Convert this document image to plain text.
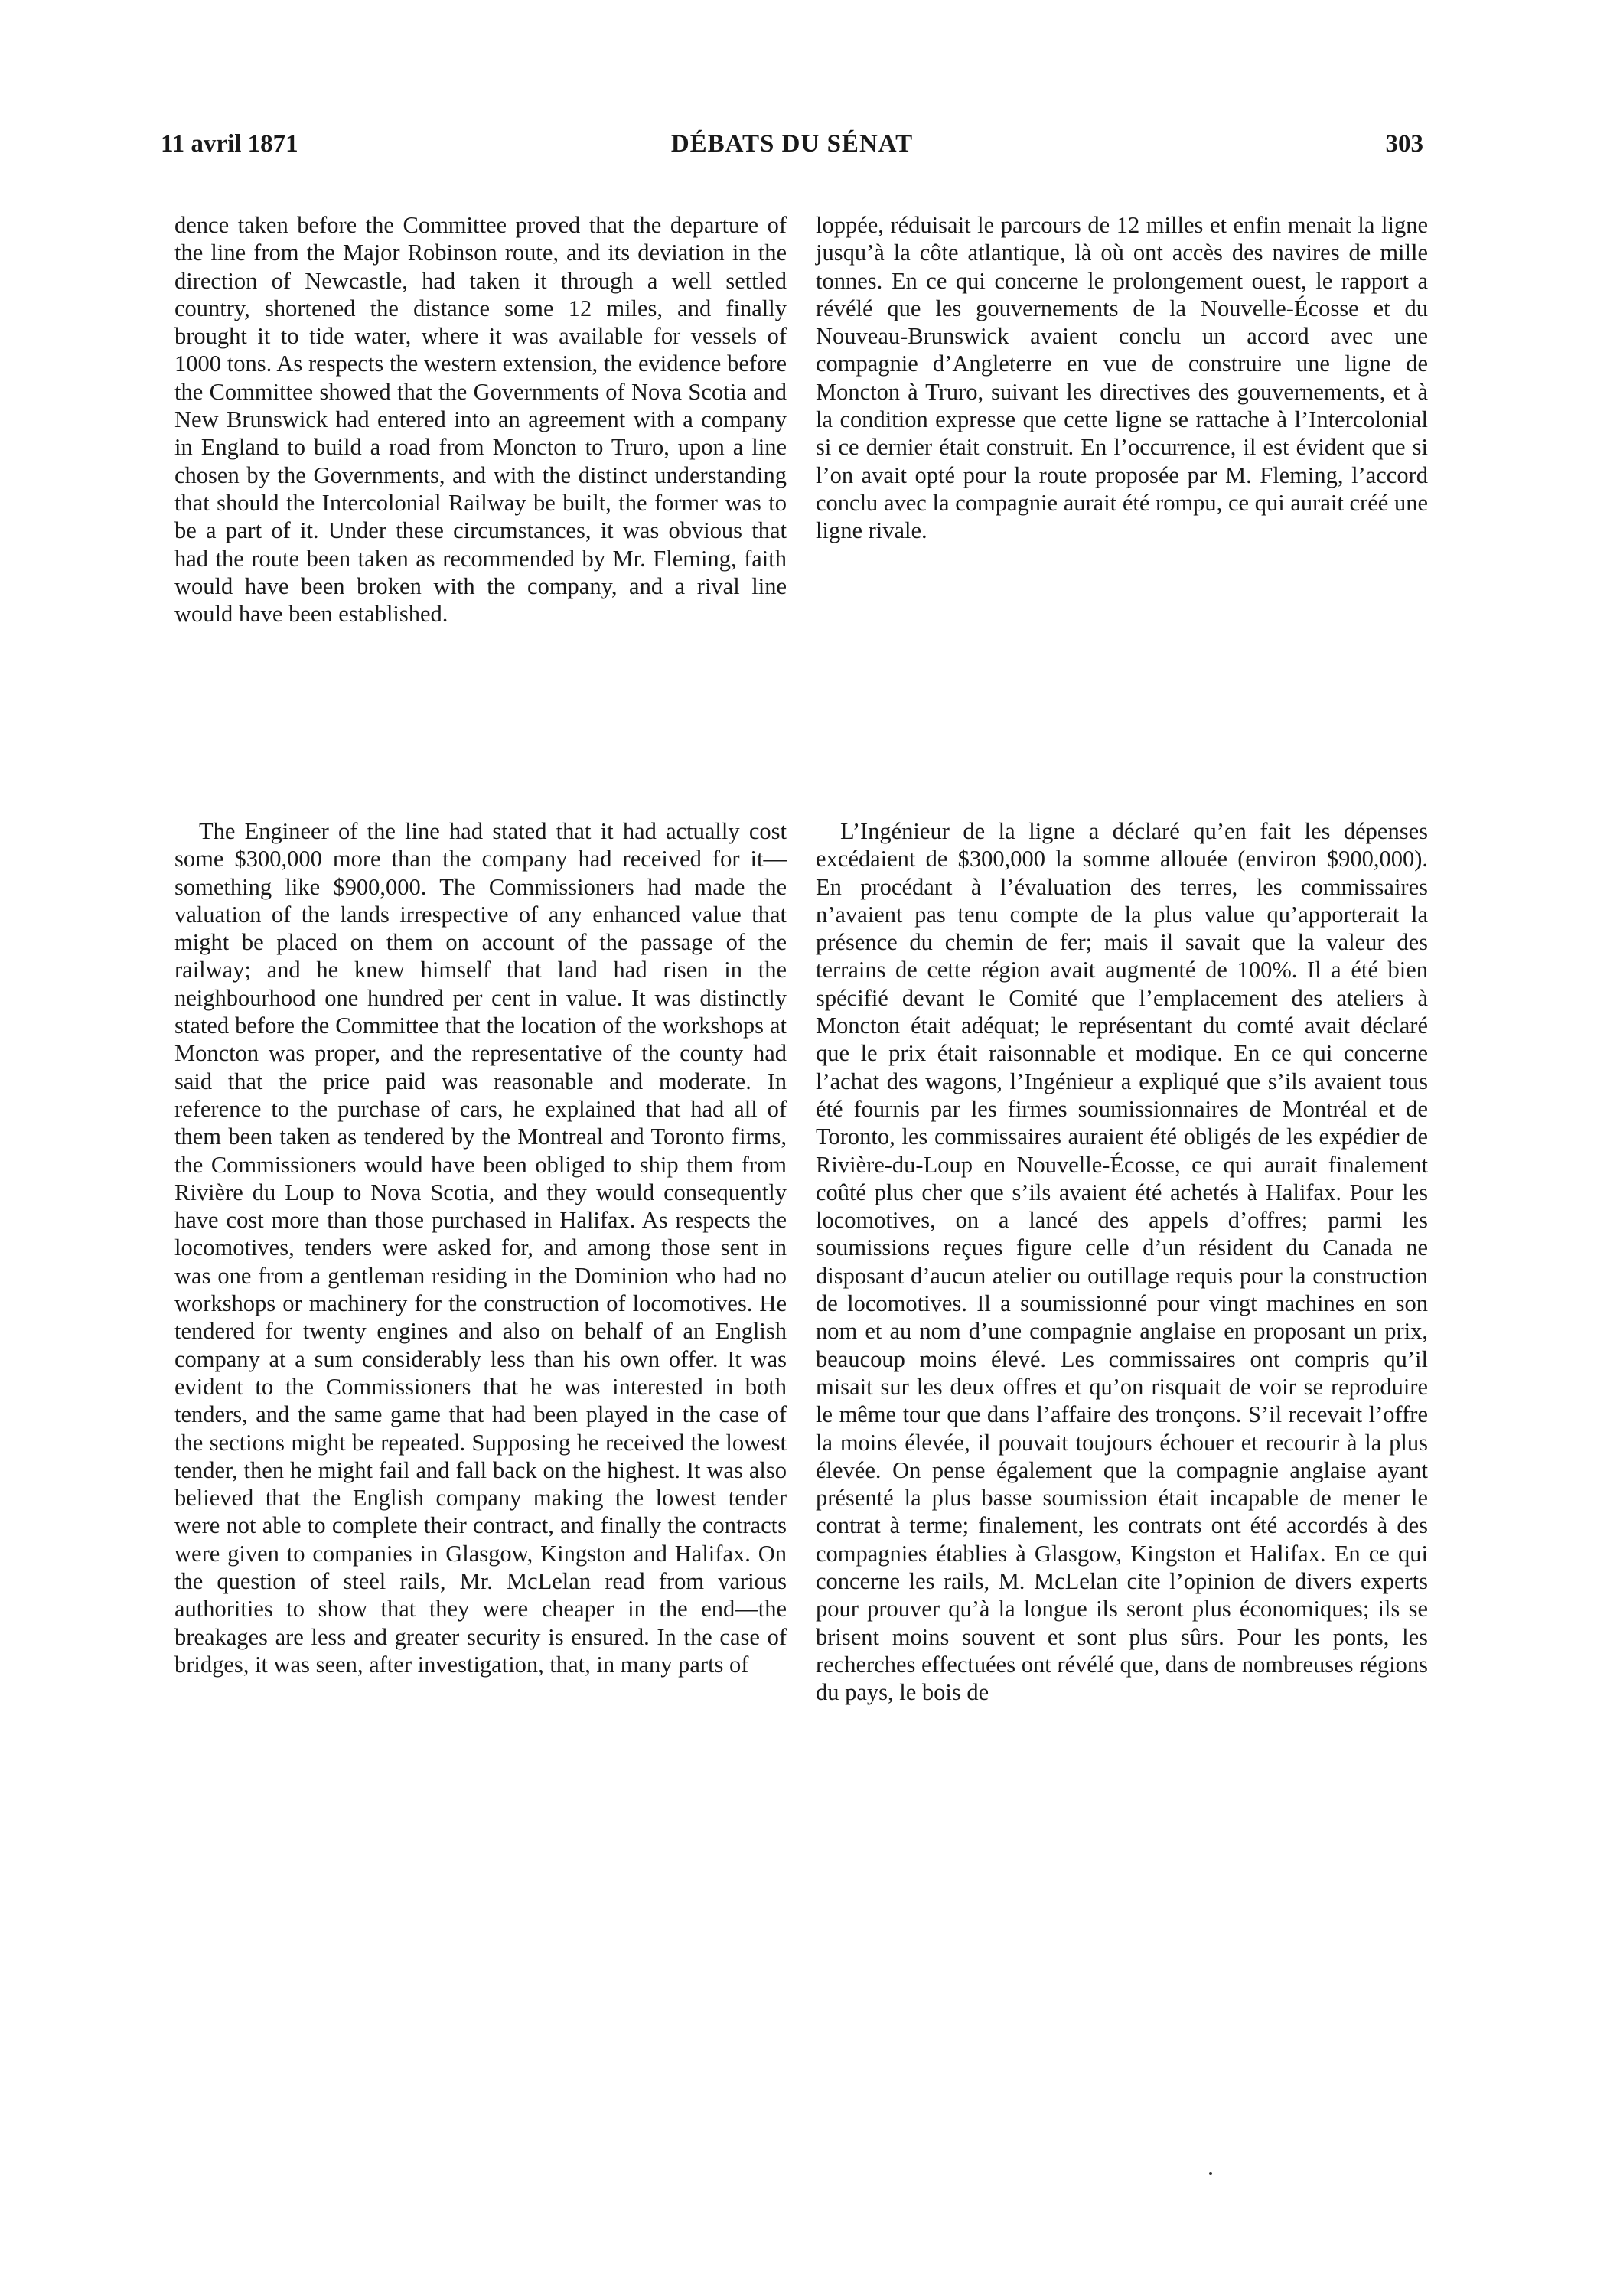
11 avril 1871	DÉBATS DU SÉNAT	303

dence taken before the Committee proved that the departure of the line from the Major Robinson route, and its deviation in the direction of Newcastle, had taken it through a well settled country, shortened the distance some 12 miles, and finally brought it to tide water, where it was available for vessels of 1000 tons. As respects the western extension, the evidence before the Committee showed that the Governments of Nova Scotia and New Brunswick had entered into an agreement with a company in England to build a road from Moncton to Truro, upon a line chosen by the Governments, and with the distinct understanding that should the Intercolonial Railway be built, the former was to be a part of it. Under these circumstances, it was obvious that had the route been taken as recommended by Mr. Fleming, faith would have been broken with the company, and a rival line would have been established.

loppée, réduisait le parcours de 12 milles et enfin menait la ligne jusqu’à la côte atlantique, là où ont accès des navires de mille tonnes. En ce qui concerne le prolongement ouest, le rapport a révélé que les gouvernements de la Nouvelle-Écosse et du Nouveau-Brunswick avaient conclu un accord avec une compagnie d’Angleterre en vue de construire une ligne de Moncton à Truro, suivant les directives des gouvernements, et à la condition expresse que cette ligne se rattache à l’Intercolonial si ce dernier était construit. En l’occurrence, il est évident que si l’on avait opté pour la route proposée par M. Fleming, l’accord conclu avec la compagnie aurait été rompu, ce qui aurait créé une ligne rivale.

The Engineer of the line had stated that it had actually cost some $300,000 more than the company had received for it—something like $900,000. The Commissioners had made the valuation of the lands irrespective of any enhanced value that might be placed on them on account of the passage of the railway; and he knew himself that land had risen in the neighbourhood one hundred per cent in value. It was distinctly stated before the Committee that the location of the workshops at Moncton was proper, and the representative of the county had said that the price paid was reasonable and moderate. In reference to the purchase of cars, he explained that had all of them been taken as tendered by the Montreal and Toronto firms, the Commissioners would have been obliged to ship them from Rivière du Loup to Nova Scotia, and they would consequently have cost more than those purchased in Halifax. As respects the locomotives, tenders were asked for, and among those sent in was one from a gentleman residing in the Dominion who had no workshops or machinery for the construction of locomotives. He tendered for twenty engines and also on behalf of an English company at a sum considerably less than his own offer. It was evident to the Commissioners that he was interested in both tenders, and the same game that had been played in the case of the sections might be repeated. Supposing he received the lowest tender, then he might fail and fall back on the highest. It was also believed that the English company making the lowest tender were not able to complete their contract, and finally the contracts were given to companies in Glasgow, Kingston and Halifax. On the question of steel rails, Mr. McLelan read from various authorities to show that they were cheaper in the end—the breakages are less and greater security is ensured. In the case of bridges, it was seen, after investigation, that, in many parts of

L’Ingénieur de la ligne a déclaré qu’en fait les dépenses excédaient de $300,000 la somme allouée (environ $900,000). En procédant à l’évaluation des terres, les commissaires n’avaient pas tenu compte de la plus value qu’apporterait la présence du chemin de fer; mais il savait que la valeur des terrains de cette région avait augmenté de 100%. Il a été bien spécifié devant le Comité que l’emplacement des ateliers à Moncton était adéquat; le représentant du comté avait déclaré que le prix était raisonnable et modique. En ce qui concerne l’achat des wagons, l’Ingénieur a expliqué que s’ils avaient tous été fournis par les firmes soumissionnaires de Montréal et de Toronto, les commissaires auraient été obligés de les expédier de Rivière-du-Loup en Nouvelle-Écosse, ce qui aurait finalement coûté plus cher que s’ils avaient été achetés à Halifax. Pour les locomotives, on a lancé des appels d’offres; parmi les soumissions reçues figure celle d’un résident du Canada ne disposant d’aucun atelier ou outillage requis pour la construction de locomotives. Il a soumissionné pour vingt machines en son nom et au nom d’une compagnie anglaise en proposant un prix, beaucoup moins élevé. Les commissaires ont compris qu’il misait sur les deux offres et qu’on risquait de voir se reproduire le même tour que dans l’affaire des tronçons. S’il recevait l’offre la moins élevée, il pouvait toujours échouer et recourir à la plus élevée. On pense également que la compagnie anglaise ayant présenté la plus basse soumission était incapable de mener le contrat à terme; finalement, les contrats ont été accordés à des compagnies établies à Glasgow, Kingston et Halifax. En ce qui concerne les rails, M. McLelan cite l’opinion de divers experts pour prouver qu’à la longue ils seront plus économiques; ils se brisent moins souvent et sont plus sûrs. Pour les ponts, les recherches effectuées ont révélé que, dans de nombreuses régions du pays, le bois de
